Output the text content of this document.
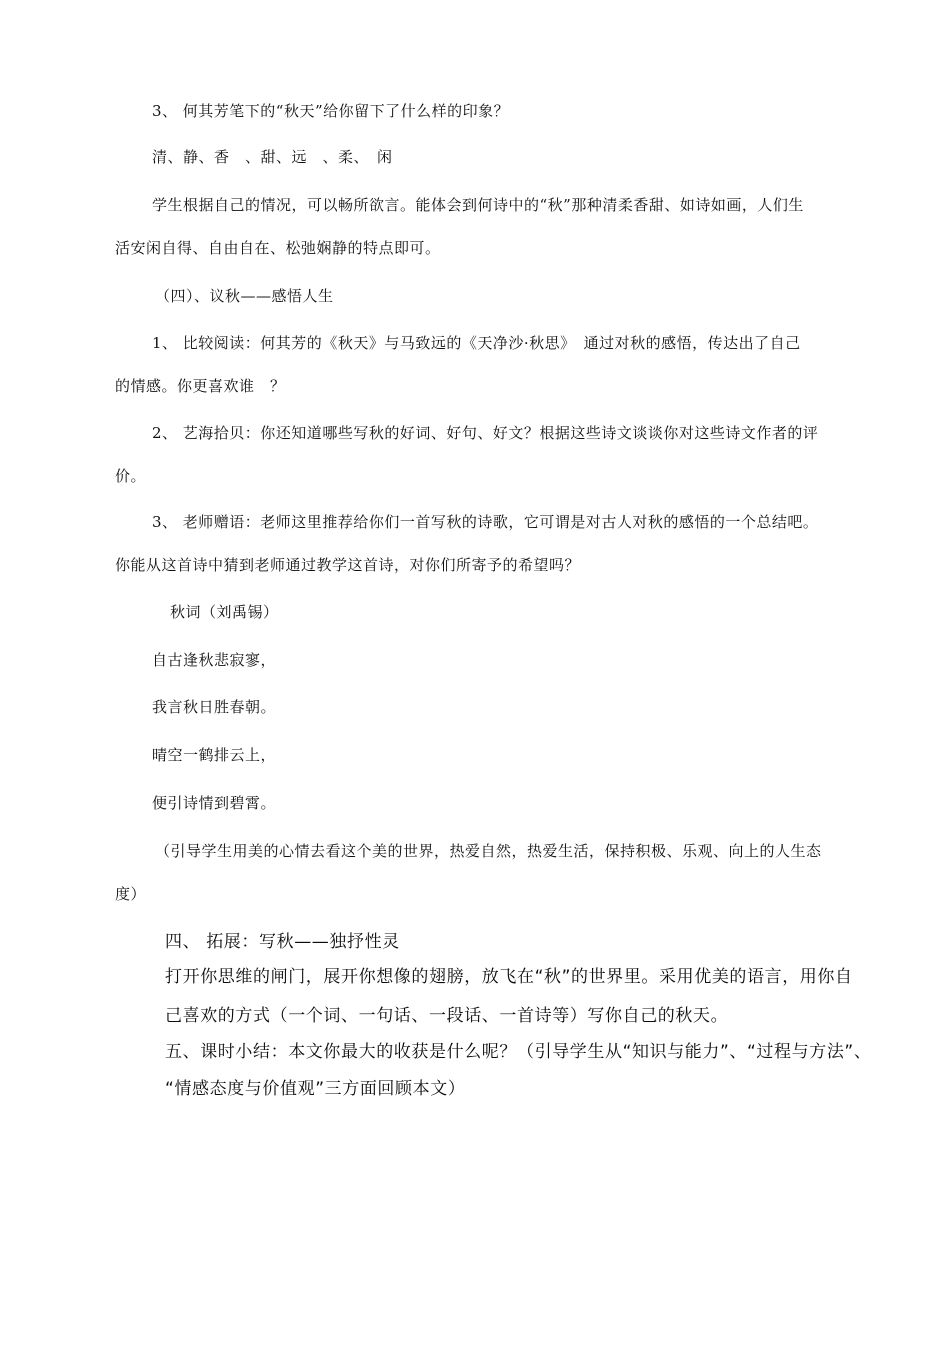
3、 何其芳笔下的“秋天”给你留下了什么样的印象？
清、静、香　、甜、远　、柔、　闲
学生根据自己的情况，可以畅所欲言。能体会到何诗中的“秋”那种清柔香甜、如诗如画，人们生
活安闲自得、自由自在、松弛娴静的特点即可。
（四）、议秋——感悟人生
1、 比较阅读：何其芳的《秋天》与马致远的《天净沙·秋思》　通过对秋的感悟，传达出了自己
的情感。你更喜欢谁　？
2、 艺海拾贝：你还知道哪些写秋的好词、好句、好文？根据这些诗文谈谈你对这些诗文作者的评
价。
3、 老师赠语：老师这里推荐给你们一首写秋的诗歌，它可谓是对古人对秋的感悟的一个总结吧。
你能从这首诗中猜到老师通过教学这首诗，对你们所寄予的希望吗？
秋词（刘禹锡）
自古逢秋悲寂寥，
我言秋日胜春朝。
晴空一鹤排云上，
便引诗情到碧霄。
（引导学生用美的心情去看这个美的世界，热爱自然，热爱生活，保持积极、乐观、向上的人生态
度）
四、 拓展：写秋——独抒性灵
打开你思维的闸门，展开你想像的翅膀，放飞在“秋”的世界里。采用优美的语言，用你自
己喜欢的方式（一个词、一句话、一段话、一首诗等）写你自己的秋天。
五、课时小结：本文你最大的收获是什么呢？（引导学生从“知识与能力”、“过程与方法”、
“情感态度与价值观”三方面回顾本文）
